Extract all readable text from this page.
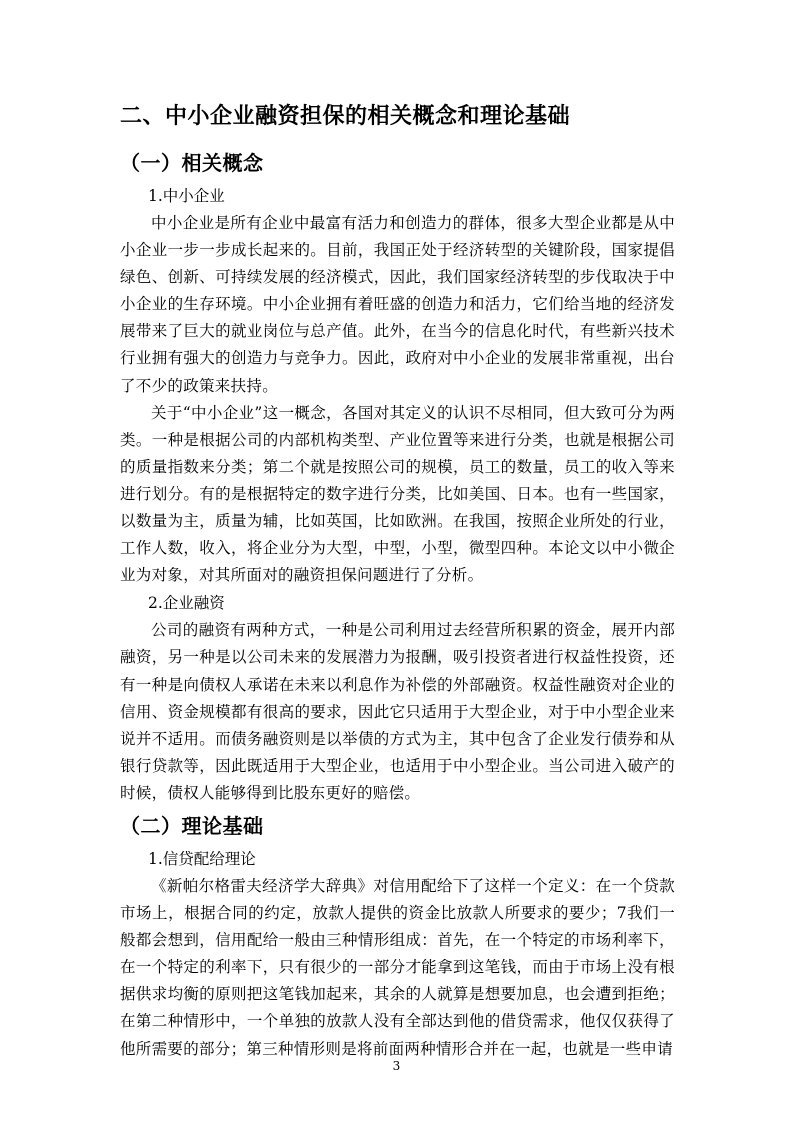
二、中小企业融资担保的相关概念和理论基础
（一）相关概念
1.中小企业

中小企业是所有企业中最富有活力和创造力的群体，很多大型企业都是从中小企业一步一步成长起来的。目前，我国正处于经济转型的关键阶段，国家提倡绿色、创新、可持续发展的经济模式，因此，我们国家经济转型的步伐取决于中小企业的生存环境。中小企业拥有着旺盛的创造力和活力，它们给当地的经济发展带来了巨大的就业岗位与总产值。此外，在当今的信息化时代，有些新兴技术行业拥有强大的创造力与竞争力。因此，政府对中小企业的发展非常重视，出台了不少的政策来扶持。

关于“中小企业”这一概念，各国对其定义的认识不尽相同，但大致可分为两类。一种是根据公司的内部机构类型、产业位置等来进行分类，也就是根据公司的质量指数来分类；第二个就是按照公司的规模，员工的数量，员工的收入等来进行划分。有的是根据特定的数字进行分类，比如美国、日本。也有一些国家，以数量为主，质量为辅，比如英国，比如欧洲。在我国，按照企业所处的行业，工作人数，收入，将企业分为大型，中型，小型，微型四种。本论文以中小微企业为对象，对其所面对的融资担保问题进行了分析。

2.企业融资

公司的融资有两种方式，一种是公司利用过去经营所积累的资金，展开内部融资，另一种是以公司未来的发展潜力为报酬，吸引投资者进行权益性投资，还有一种是向债权人承诺在未来以利息作为补偿的外部融资。权益性融资对企业的信用、资金规模都有很高的要求，因此它只适用于大型企业，对于中小型企业来说并不适用。而债务融资则是以举债的方式为主，其中包含了企业发行债券和从银行贷款等，因此既适用于大型企业，也适用于中小型企业。当公司进入破产的时候，债权人能够得到比股东更好的赔偿。

（二）理论基础
1.信贷配给理论

《新帕尔格雷夫经济学大辞典》对信用配给下了这样一个定义：在一个贷款市场上，根据合同的约定，放款人提供的资金比放款人所要求的要少；7我们一般都会想到，信用配给一般由三种情形组成：首先，在一个特定的市场利率下，在一个特定的利率下，只有很少的一部分才能拿到这笔钱，而由于市场上没有根据供求均衡的原则把这笔钱加起来，其余的人就算是想要加息，也会遭到拒绝；在第二种情形中，一个单独的放款人没有全部达到他的借贷需求，他仅仅获得了他所需要的部分；第三种情形则是将前面两种情形合并在一起，也就是一些申请

3
